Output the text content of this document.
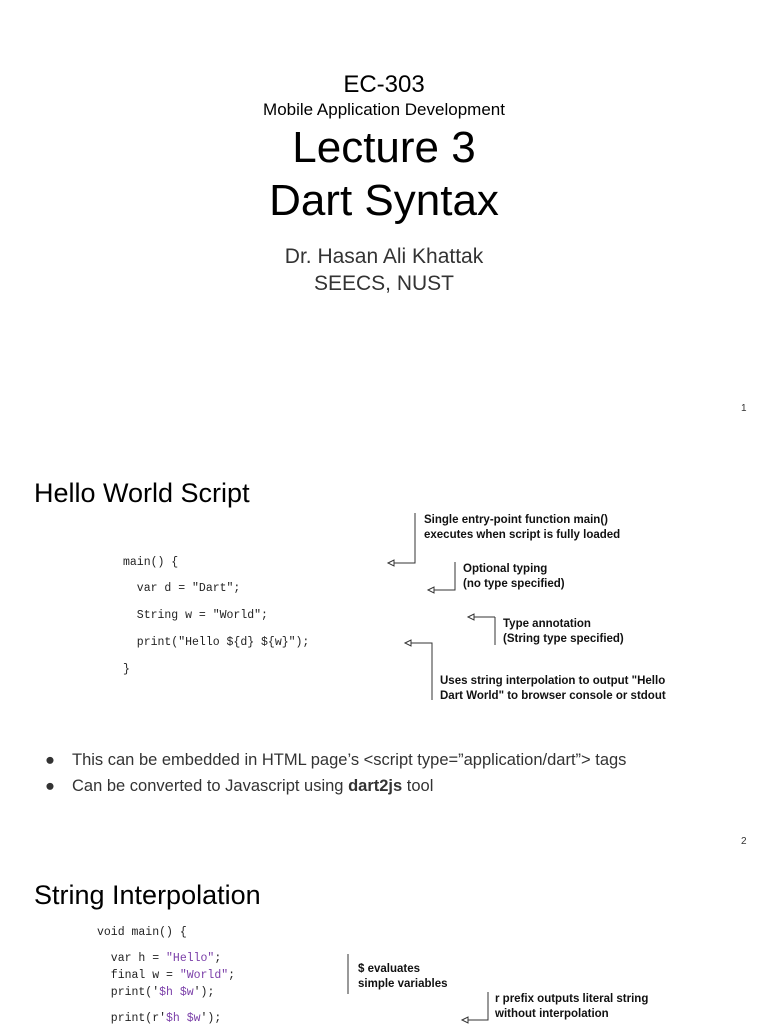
EC-303
Mobile Application Development
Lecture 3
Dart Syntax
Dr. Hasan Ali Khattak
SEECS, NUST
1
Hello World Script
main() {
var d = "Dart";
String w = "World";
print("Hello ${d} ${w}");
}
Single entry-point function main()
executes when script is fully loaded
Optional typing
(no type specified)
Type annotation
(String type specified)
Uses string interpolation to output "Hello
Dart World" to browser console or stdout
● This can be embedded in HTML page’s <script type=”application/dart”> tags
● Can be converted to Javascript using dart2js tool
2
String Interpolation
void main() {
var h = "Hello";
final w = "World";
print('$h $w');
print(r'$h $w');
$ evaluates
simple variables
r prefix outputs literal string
without interpolation
